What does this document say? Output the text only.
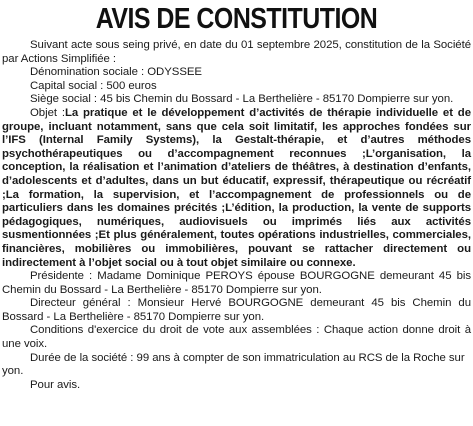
AVIS DE CONSTITUTION

Suivant acte sous seing privé, en date du 01 septembre 2025, constitution de la Société par Actions Simplifiée :

Dénomination sociale : ODYSSEE

Capital social : 500 euros

Siège social : 45 bis Chemin du Bossard - La Berthelière - 85170 Dompierre sur yon.

Objet :La pratique et le développement d’activités de thérapie individuelle et de groupe, incluant notamment, sans que cela soit limitatif, les approches fondées sur l’IFS (Internal Family Systems), la Gestalt-thérapie, et d’autres méthodes psychothérapeutiques ou d’accompagnement reconnues ;L’organisation, la conception, la réalisation et l’animation d’ateliers de théâtres, à destination d’enfants, d’adolescents et d’adultes, dans un but éducatif, expressif, thérapeutique ou récréatif ;La formation, la supervision, et l’accompagnement de professionnels ou de particuliers dans les domaines précités ;L’édition, la production, la vente de supports pédagogiques, numériques, audiovisuels ou imprimés liés aux activités susmentionnées ;Et plus généralement, toutes opérations industrielles, commerciales, financières, mobilières ou immobilières, pouvant se rattacher directement ou indirectement à l’objet social ou à tout objet similaire ou connexe.

Présidente : Madame Dominique PEROYS épouse BOURGOGNE demeurant 45 bis Chemin du Bossard - La Berthelière - 85170 Dompierre sur yon.

Directeur général : Monsieur Hervé BOURGOGNE demeurant 45 bis Chemin du Bossard - La Berthelière - 85170 Dompierre sur yon.

Conditions d'exercice du droit de vote aux assemblées : Chaque action donne droit à une voix.

Durée de la société : 99 ans à compter de son immatriculation au RCS de la Roche sur yon.

Pour avis.
